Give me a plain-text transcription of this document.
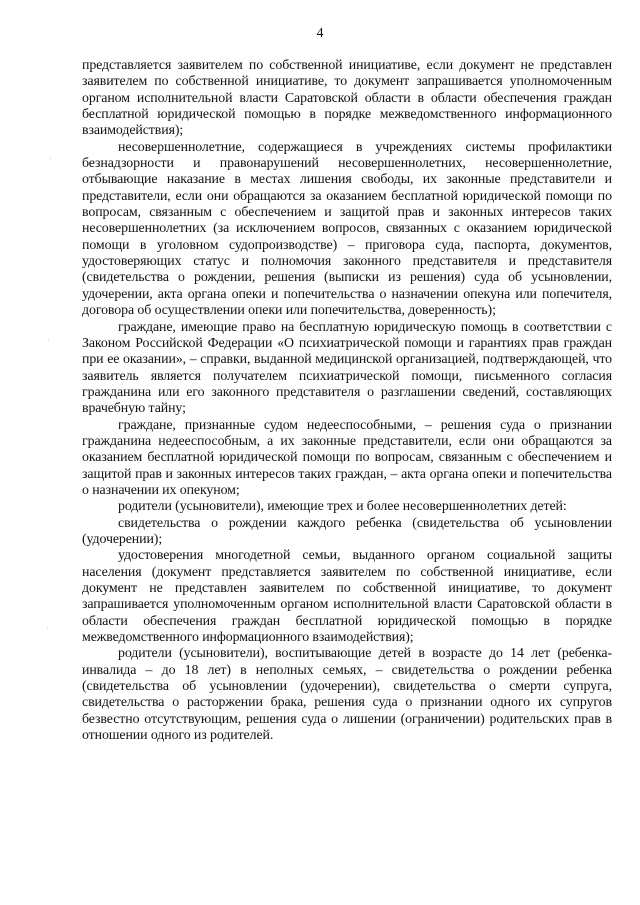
4

представляется заявителем по собственной инициативе, если документ не представлен заявителем по собственной инициативе, то документ запрашивается уполномоченным органом исполнительной власти Саратовской области в области обеспечения граждан бесплатной юридической помощью в порядке межведомственного информационного взаимодействия);

несовершеннолетние, содержащиеся в учреждениях системы профилактики безнадзорности и правонарушений несовершеннолетних, несовершеннолетние, отбывающие наказание в местах лишения свободы, их законные представители и представители, если они обращаются за оказанием бесплатной юридической помощи по вопросам, связанным с обеспечением и защитой прав и законных интересов таких несовершеннолетних (за исключением вопросов, связанных с оказанием юридической помощи в уголовном судопроизводстве) – приговора суда, паспорта, документов, удостоверяющих статус и полномочия законного представителя и представителя (свидетельства о рождении, решения (выписки из решения) суда об усыновлении, удочерении, акта органа опеки и попечительства о назначении опекуна или попечителя, договора об осуществлении опеки или попечительства, доверенность);

граждане, имеющие право на бесплатную юридическую помощь в соответствии с Законом Российской Федерации «О психиатрической помощи и гарантиях прав граждан при ее оказании», – справки, выданной медицинской организацией, подтверждающей, что заявитель является получателем психиатрической помощи, письменного согласия гражданина или его законного представителя о разглашении сведений, составляющих врачебную тайну;

граждане, признанные судом недееспособными, – решения суда о признании гражданина недееспособным, а их законные представители, если они обращаются за оказанием бесплатной юридической помощи по вопросам, связанным с обеспечением и защитой прав и законных интересов таких граждан, – акта органа опеки и попечительства о назначении их опекуном;

родители (усыновители), имеющие трех и более несовершеннолетних детей:

свидетельства о рождении каждого ребенка (свидетельства об усыновлении (удочерении);

удостоверения многодетной семьи, выданного органом социальной защиты населения (документ представляется заявителем по собственной инициативе, если документ не представлен заявителем по собственной инициативе, то документ запрашивается уполномоченным органом исполнительной власти Саратовской области в области обеспечения граждан бесплатной юридической помощью в порядке межведомственного информационного взаимодействия);

родители (усыновители), воспитывающие детей в возрасте до 14 лет (ребенка-инвалида – до 18 лет) в неполных семьях, – свидетельства о рождении ребенка (свидетельства об усыновлении (удочерении), свидетельства о смерти супруга, свидетельства о расторжении брака, решения суда о признании одного их супругов безвестно отсутствующим, решения суда о лишении (ограничении) родительских прав в отношении одного из родителей.
